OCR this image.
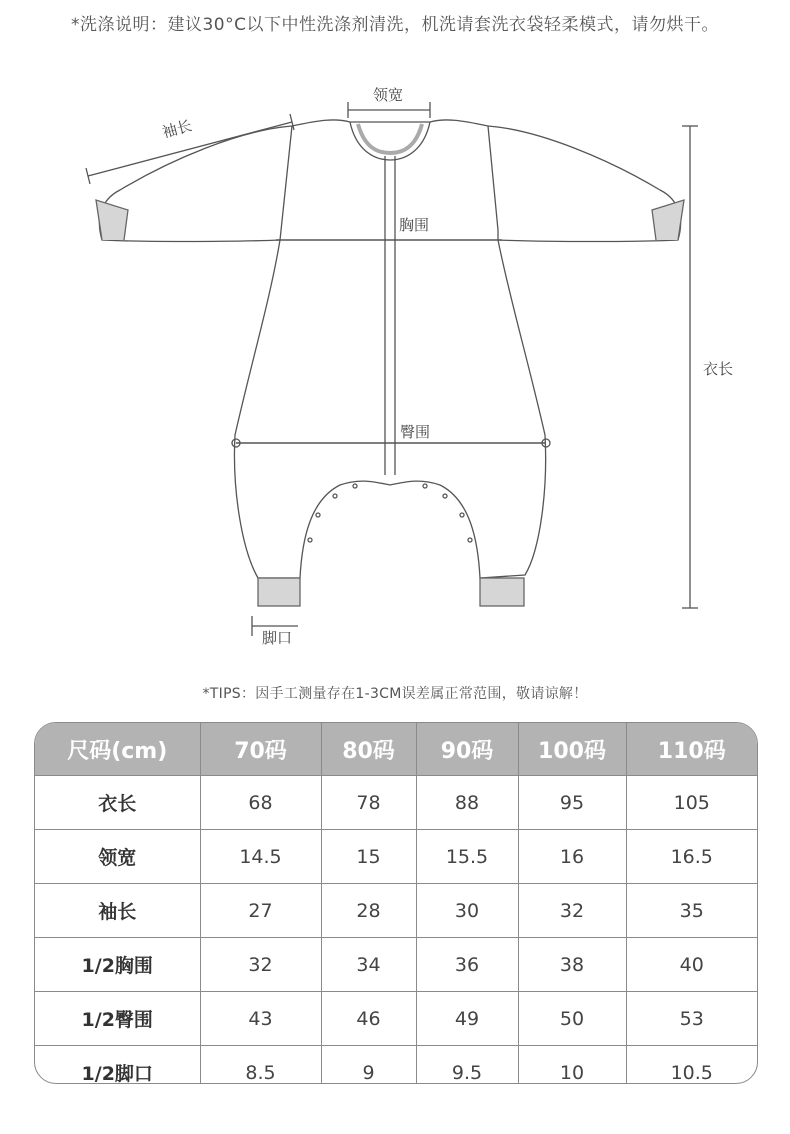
*洗涤说明：建议30°C以下中性洗涤剂清洗，机洗请套洗衣袋轻柔模式，请勿烘干。
领宽
袖长
胸围
衣长
臀围
脚口
*TIPS：因手工测量存在1-3CM误差属正常范围，敬请谅解！
尺码(cm)	70码	80码	90码	100码	110码
衣长	68	78	88	95	105
领宽	14.5	15	15.5	16	16.5
袖长	27	28	30	32	35
1/2胸围	32	34	36	38	40
1/2臀围	43	46	49	50	53
1/2脚口	8.5	9	9.5	10	10.5
